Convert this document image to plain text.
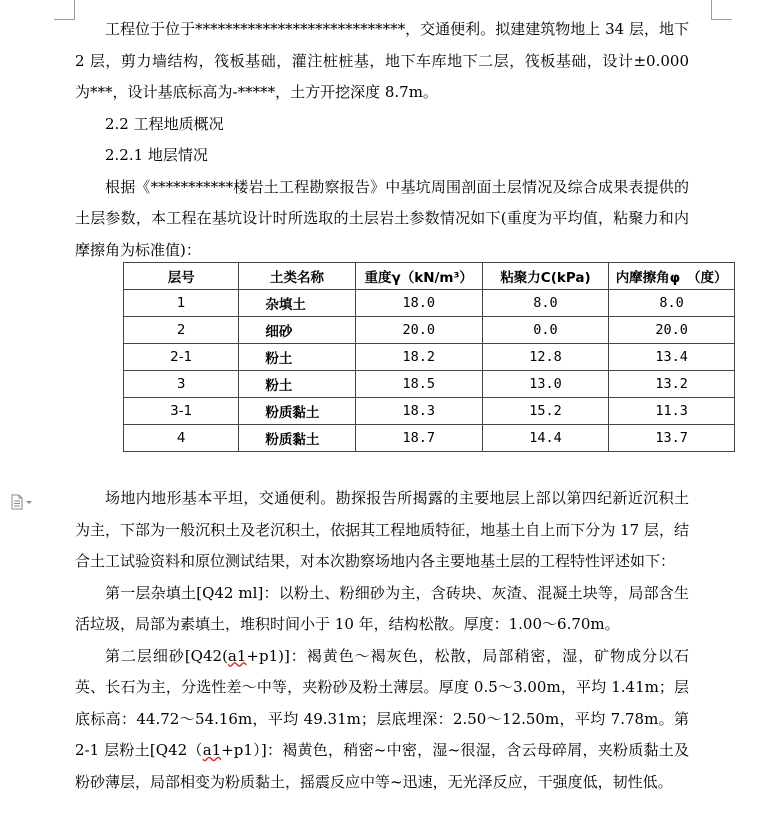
工程位于位于****************************，交通便利。拟建建筑物地上 34 层，地下 2 层，剪力墙结构，筏板基础，灌注桩桩基，地下车库地下二层，筏板基础，设计±0.000 为***，设计基底标高为-*****，土方开挖深度 8.7m。

2.2 工程地质概况

2.2.1 地层情况

根据《***********楼岩土工程勘察报告》中基坑周围剖面土层情况及综合成果表提供的土层参数，本工程在基坑设计时所选取的土层岩土参数情况如下(重度为平均值，粘聚力和内摩擦角为标准值)：

层号	土类名称	重度γ（kN/m³）	粘聚力C(kPa)	内摩擦角φ　（度）
1	杂填土	18.0	8.0	8.0
2	细砂	20.0	0.0	20.0
2-1	粉土	18.2	12.8	13.4
3	粉土	18.5	13.0	13.2
3-1	粉质黏土	18.3	15.2	11.3
4	粉质黏土	18.7	14.4	13.7

场地内地形基本平坦，交通便利。勘探报告所揭露的主要地层上部以第四纪新近沉积土为主，下部为一般沉积土及老沉积土，依据其工程地质特征，地基土自上而下分为 17 层，结合土工试验资料和原位测试结果，对本次勘察场地内各主要地基土层的工程特性评述如下：

第一层杂填土[Q42 ml]：以粉土、粉细砂为主，含砖块、灰渣、混凝土块等，局部含生活垃圾，局部为素填土，堆积时间小于 10 年，结构松散。厚度：1.00～6.70m。

第二层细砂[Q42(a1+p1)]：褐黄色～褐灰色，松散，局部稍密，湿，矿物成分以石英、长石为主，分选性差～中等，夹粉砂及粉土薄层。厚度 0.5～3.00m，平均 1.41m；层底标高：44.72～54.16m，平均 49.31m；层底埋深：2.50～12.50m，平均 7.78m。第 2-1 层粉土[Q42（a1+p1）]：褐黄色，稍密~中密，湿~很湿，含云母碎屑，夹粉质黏土及粉砂薄层，局部相变为粉质黏土，摇震反应中等~迅速，无光泽反应，干强度低，韧性低。
